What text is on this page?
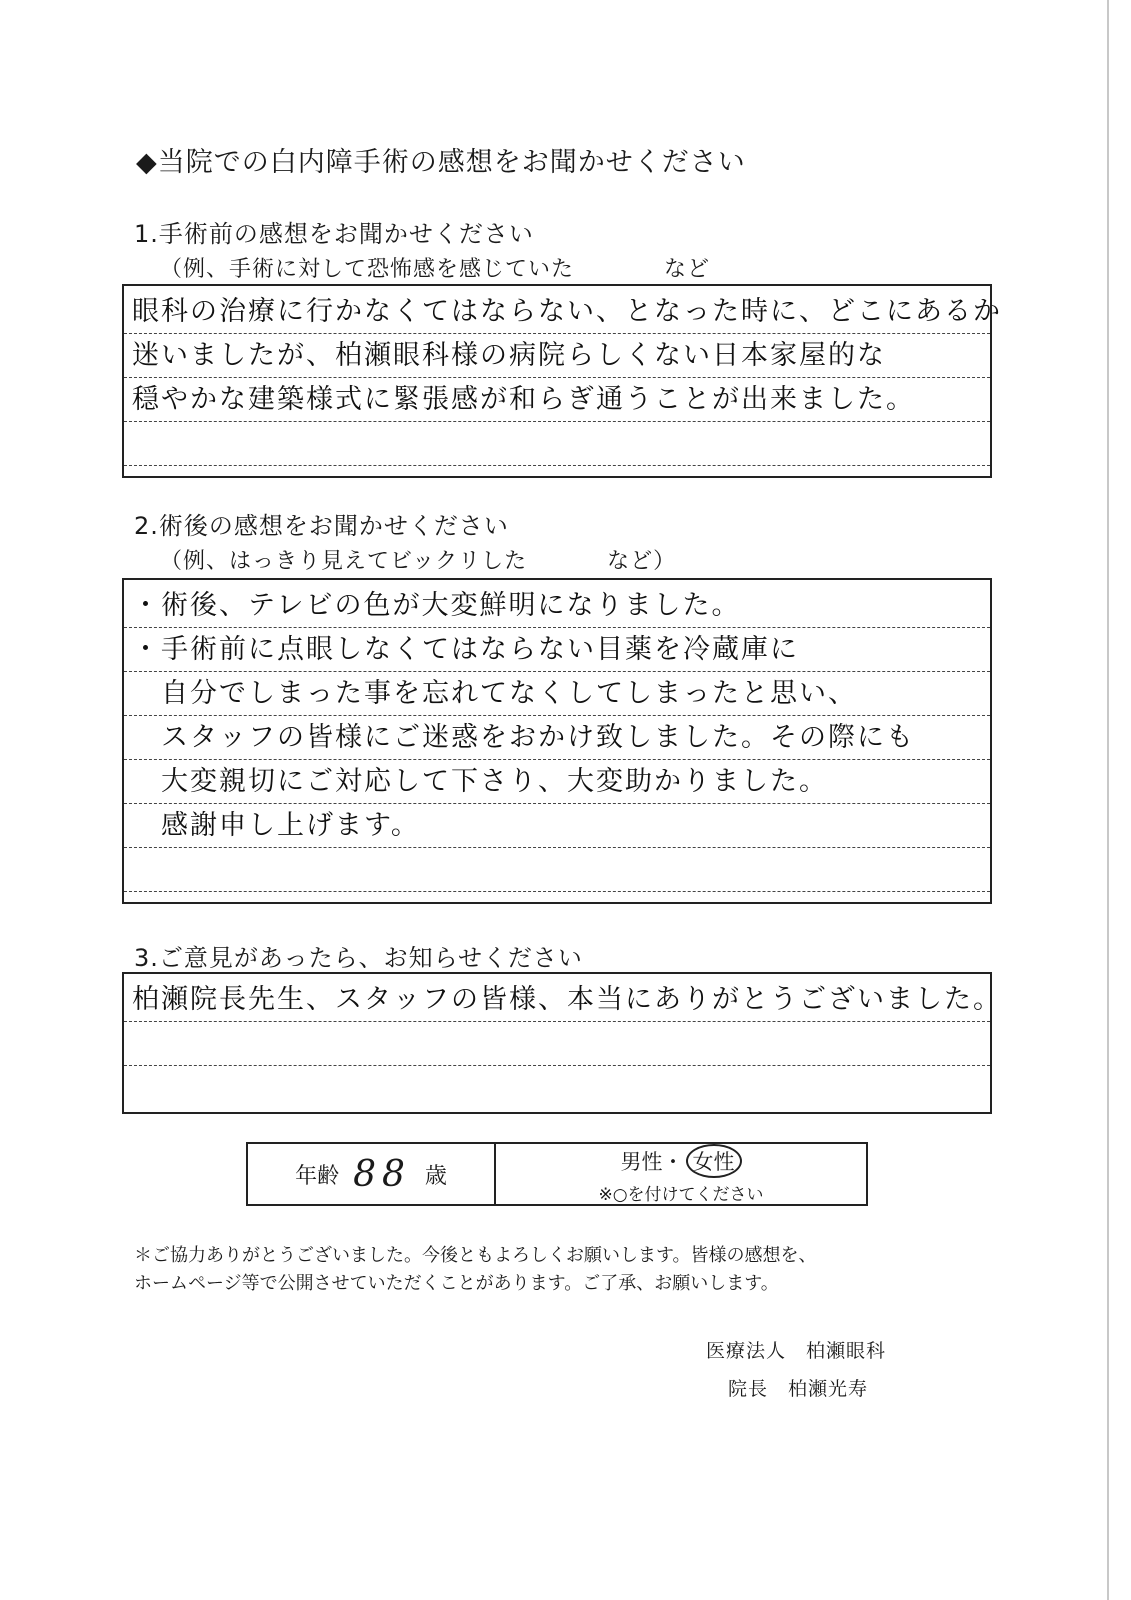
◆当院での白内障手術の感想をお聞かせください
1.手術前の感想をお聞かせください
（例、手術に対して恐怖感を感じていた	など
眼科の治療に行かなくてはならない、となった時に、どこにあるか
迷いましたが、柏瀬眼科様の病院らしくない日本家屋的な
穏やかな建築様式に緊張感が和らぎ通うことが出来ました。
2.術後の感想をお聞かせください
（例、はっきり見えてビックリした	など）
・術後、テレビの色が大変鮮明になりました。
・手術前に点眼しなくてはならない目薬を冷蔵庫に
　自分でしまった事を忘れてなくしてしまったと思い、
　スタッフの皆様にご迷惑をおかけ致しました。その際にも
　大変親切にご対応して下さり、大変助かりました。
　感謝申し上げます。
3.ご意見があったら、お知らせください
柏瀬院長先生、スタッフの皆様、本当にありがとうございました。
年齢 88 歳
男性・ 女性
※○を付けてください
＊ご協力ありがとうございました。今後ともよろしくお願いします。皆様の感想を、
ホームページ等で公開させていただくことがあります。ご了承、お願いします。
医療法人　柏瀬眼科
院長　柏瀬光寿
